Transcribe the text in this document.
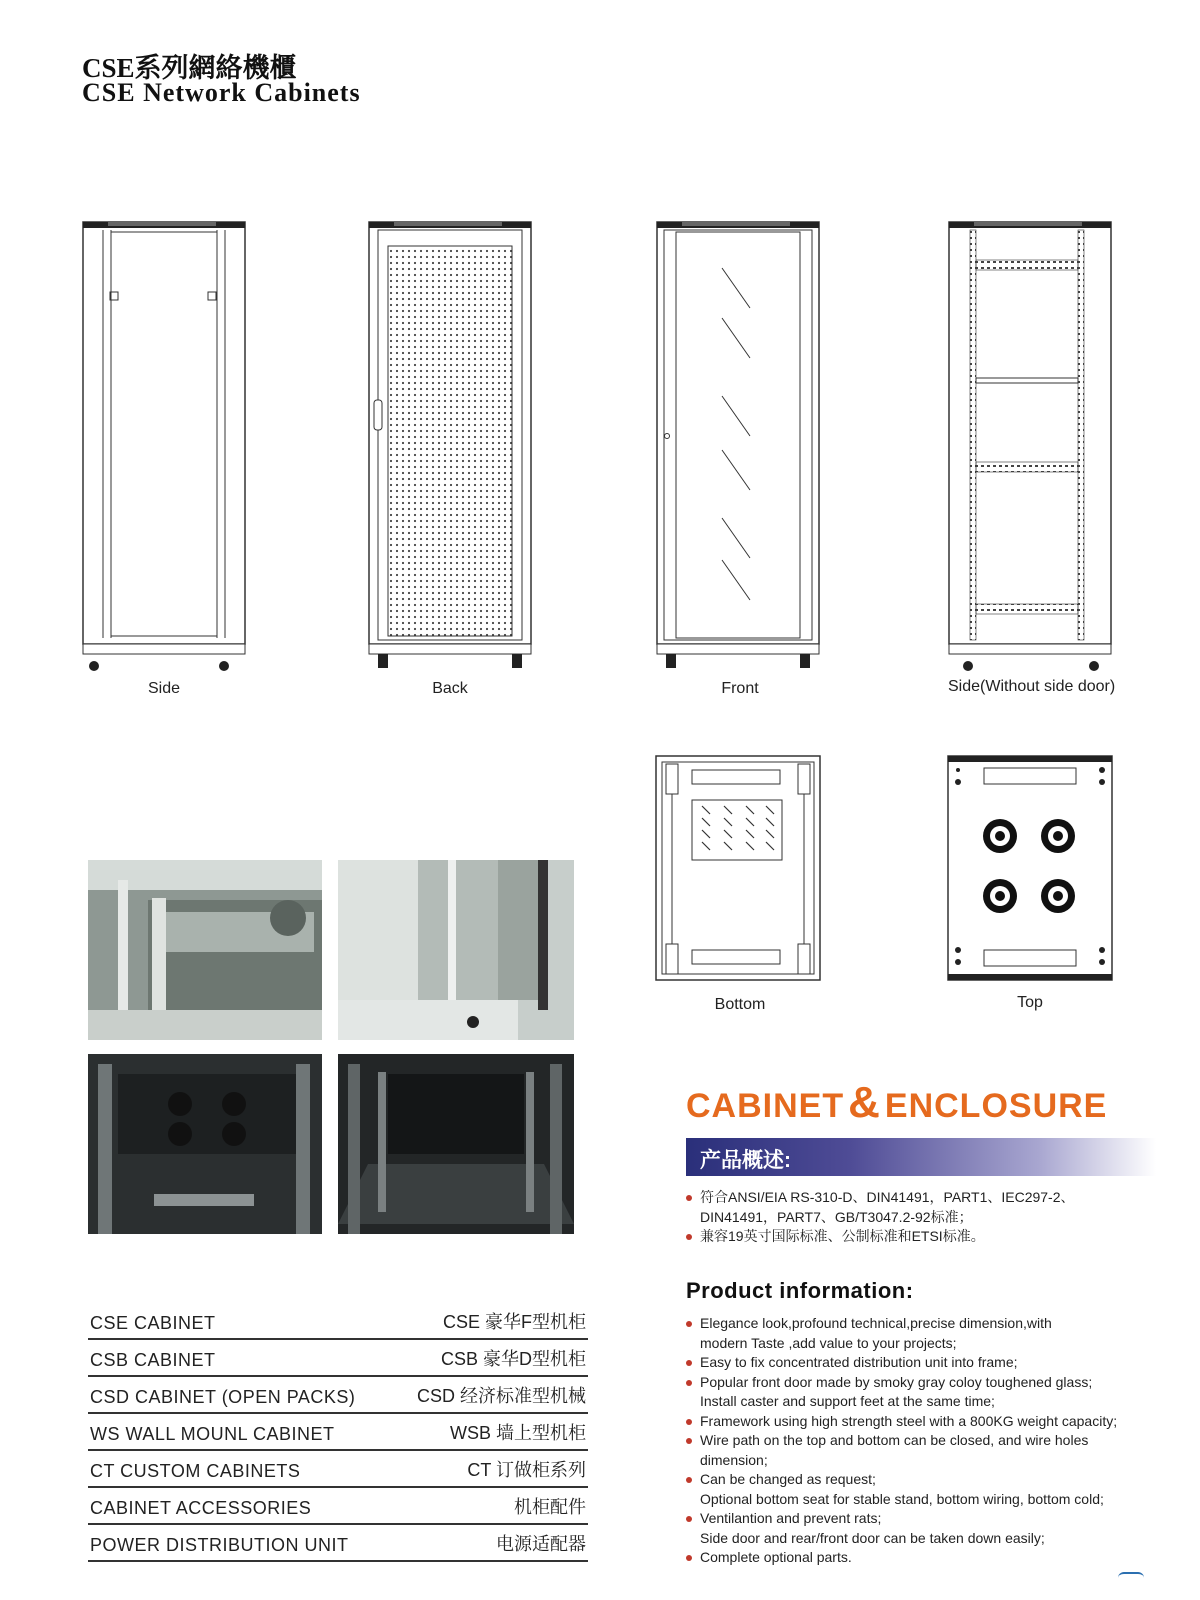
CSE系列網絡機櫃
CSE Network Cabinets
Side	Back	Front	Side(Without side door)
Bottom	Top
CSE CABINET	CSE 豪华F型机柜
CSB CABINET	CSB 豪华D型机柜
CSD CABINET (OPEN PACKS)	CSD 经济标准型机械
WS WALL MOUNL CABINET	WSB 墙上型机柜
CT CUSTOM CABINETS	CT 订做柜系列
CABINET ACCESSORIES	机柜配件
POWER DISTRIBUTION UNIT	电源适配器
CABINET& ENCLOSURE
产品概述:
符合ANSI/EIA RS-310-D、DIN41491，PART1、IEC297-2、
DIN41491，PART7、GB/T3047.2-92标准；
兼容19英寸国际标准、公制标准和ETSI标准。
Product information:
Elegance look,profound technical,precise dimension,with
modern Taste ,add value to your projects;
Easy to fix concentrated distribution unit into frame;
Popular front door made by smoky gray coloy toughened glass;
Install caster and support feet at the same time;
Framework using high strength steel with a 800KG weight capacity;
Wire path on the top and bottom can be closed, and wire holes
dimension;
Can be changed as request;
Optional bottom seat for stable stand, bottom wiring, bottom cold;
Ventilantion and prevent rats;
Side door and rear/front door can be taken down easily;
Complete optional parts.
